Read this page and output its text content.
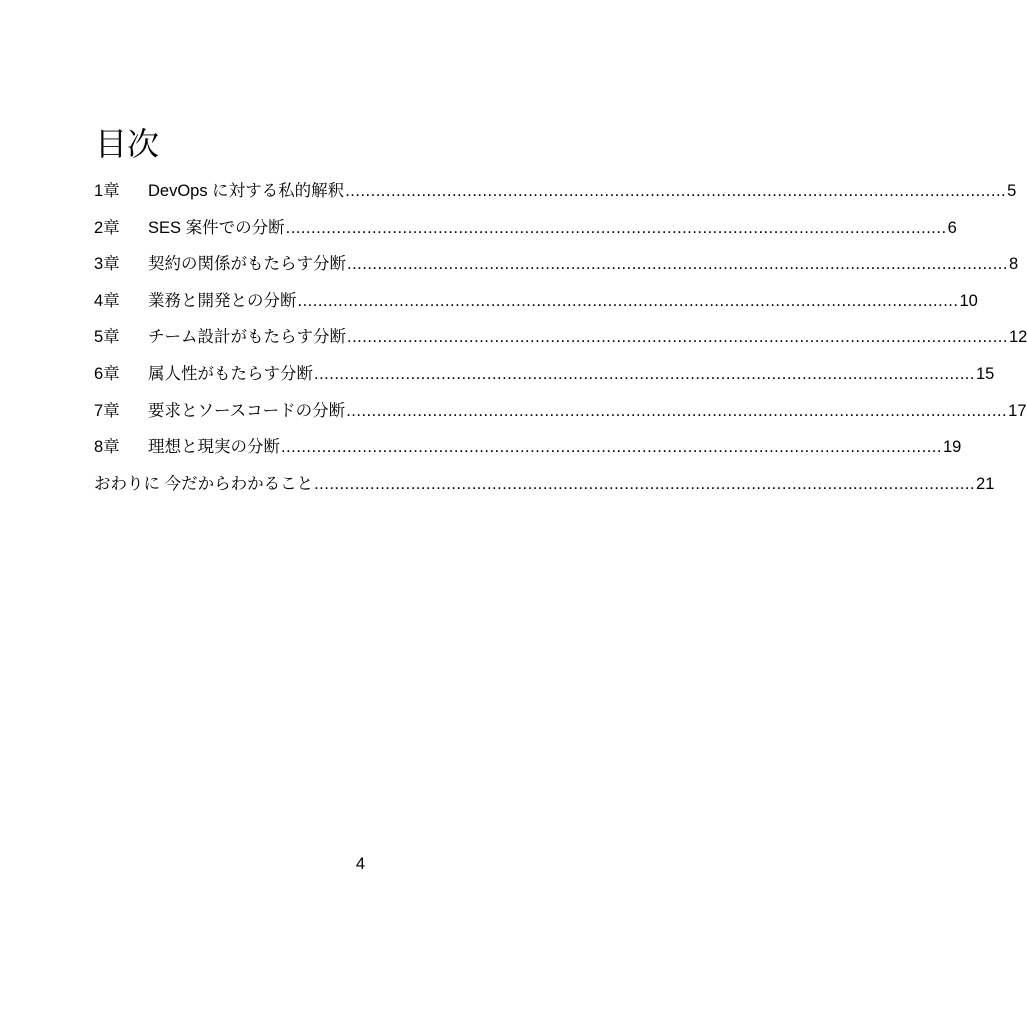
目次
1章	DevOps に対する私的解釈 .................................................................................................................................. 5
2章	SES 案件での分断 .................................................................................................................................. 6
3章	契約の関係がもたらす分断 .................................................................................................................................. 8
4章	業務と開発との分断 .................................................................................................................................. 10
5章	チーム設計がもたらす分断 .................................................................................................................................. 12
6章	属人性がもたらす分断 .................................................................................................................................. 15
7章	要求とソースコードの分断 .................................................................................................................................. 17
8章	理想と現実の分断 .................................................................................................................................. 19
おわりに 今だからわかること .................................................................................................................................. 21
4
